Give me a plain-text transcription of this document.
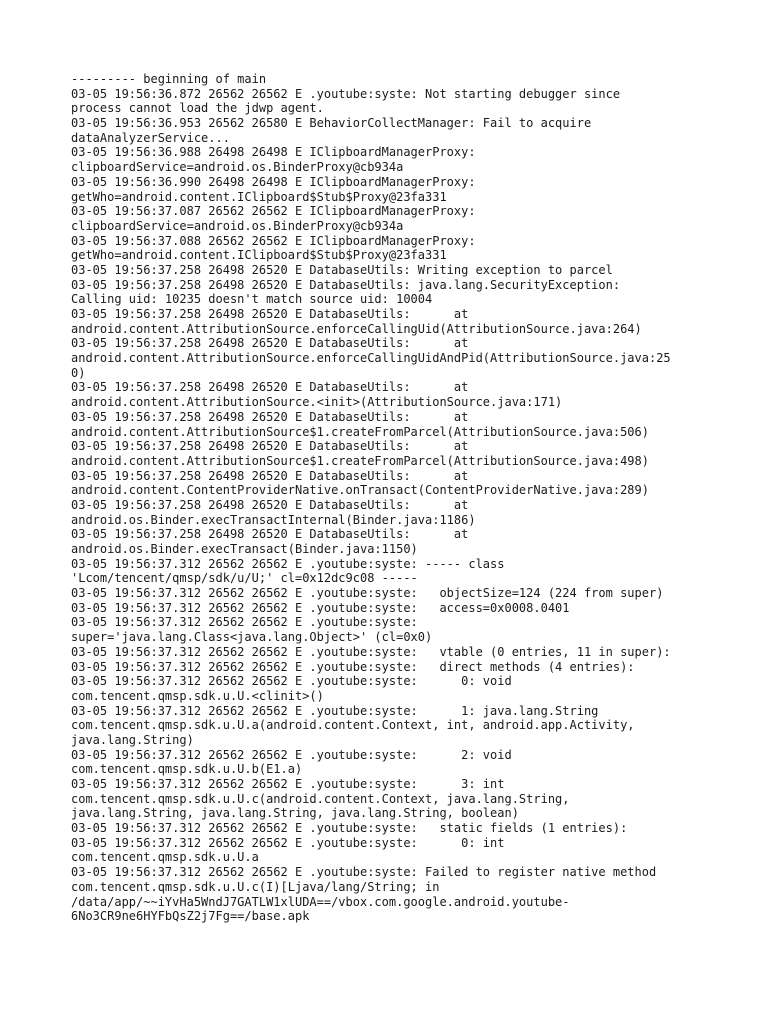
--------- beginning of main
03-05 19:56:36.872 26562 26562 E .youtube:syste: Not starting debugger since
process cannot load the jdwp agent.
03-05 19:56:36.953 26562 26580 E BehaviorCollectManager: Fail to acquire
dataAnalyzerService...
03-05 19:56:36.988 26498 26498 E IClipboardManagerProxy:
clipboardService=android.os.BinderProxy@cb934a
03-05 19:56:36.990 26498 26498 E IClipboardManagerProxy:
getWho=android.content.IClipboard$Stub$Proxy@23fa331
03-05 19:56:37.087 26562 26562 E IClipboardManagerProxy:
clipboardService=android.os.BinderProxy@cb934a
03-05 19:56:37.088 26562 26562 E IClipboardManagerProxy:
getWho=android.content.IClipboard$Stub$Proxy@23fa331
03-05 19:56:37.258 26498 26520 E DatabaseUtils: Writing exception to parcel
03-05 19:56:37.258 26498 26520 E DatabaseUtils: java.lang.SecurityException:
Calling uid: 10235 doesn't match source uid: 10004
03-05 19:56:37.258 26498 26520 E DatabaseUtils:      at
android.content.AttributionSource.enforceCallingUid(AttributionSource.java:264)
03-05 19:56:37.258 26498 26520 E DatabaseUtils:      at
android.content.AttributionSource.enforceCallingUidAndPid(AttributionSource.java:25
0)
03-05 19:56:37.258 26498 26520 E DatabaseUtils:      at
android.content.AttributionSource.<init>(AttributionSource.java:171)
03-05 19:56:37.258 26498 26520 E DatabaseUtils:      at
android.content.AttributionSource$1.createFromParcel(AttributionSource.java:506)
03-05 19:56:37.258 26498 26520 E DatabaseUtils:      at
android.content.AttributionSource$1.createFromParcel(AttributionSource.java:498)
03-05 19:56:37.258 26498 26520 E DatabaseUtils:      at
android.content.ContentProviderNative.onTransact(ContentProviderNative.java:289)
03-05 19:56:37.258 26498 26520 E DatabaseUtils:      at
android.os.Binder.execTransactInternal(Binder.java:1186)
03-05 19:56:37.258 26498 26520 E DatabaseUtils:      at
android.os.Binder.execTransact(Binder.java:1150)
03-05 19:56:37.312 26562 26562 E .youtube:syste: ----- class
'Lcom/tencent/qmsp/sdk/u/U;' cl=0x12dc9c08 -----
03-05 19:56:37.312 26562 26562 E .youtube:syste:   objectSize=124 (224 from super)
03-05 19:56:37.312 26562 26562 E .youtube:syste:   access=0x0008.0401
03-05 19:56:37.312 26562 26562 E .youtube:syste:
super='java.lang.Class<java.lang.Object>' (cl=0x0)
03-05 19:56:37.312 26562 26562 E .youtube:syste:   vtable (0 entries, 11 in super):
03-05 19:56:37.312 26562 26562 E .youtube:syste:   direct methods (4 entries):
03-05 19:56:37.312 26562 26562 E .youtube:syste:      0: void
com.tencent.qmsp.sdk.u.U.<clinit>()
03-05 19:56:37.312 26562 26562 E .youtube:syste:      1: java.lang.String
com.tencent.qmsp.sdk.u.U.a(android.content.Context, int, android.app.Activity,
java.lang.String)
03-05 19:56:37.312 26562 26562 E .youtube:syste:      2: void
com.tencent.qmsp.sdk.u.U.b(E1.a)
03-05 19:56:37.312 26562 26562 E .youtube:syste:      3: int
com.tencent.qmsp.sdk.u.U.c(android.content.Context, java.lang.String,
java.lang.String, java.lang.String, java.lang.String, boolean)
03-05 19:56:37.312 26562 26562 E .youtube:syste:   static fields (1 entries):
03-05 19:56:37.312 26562 26562 E .youtube:syste:      0: int
com.tencent.qmsp.sdk.u.U.a
03-05 19:56:37.312 26562 26562 E .youtube:syste: Failed to register native method
com.tencent.qmsp.sdk.u.U.c(I)[Ljava/lang/String; in
/data/app/~~iYvHa5WndJ7GATLW1xlUDA==/vbox.com.google.android.youtube-
6No3CR9ne6HYFbQsZ2j7Fg==/base.apk
